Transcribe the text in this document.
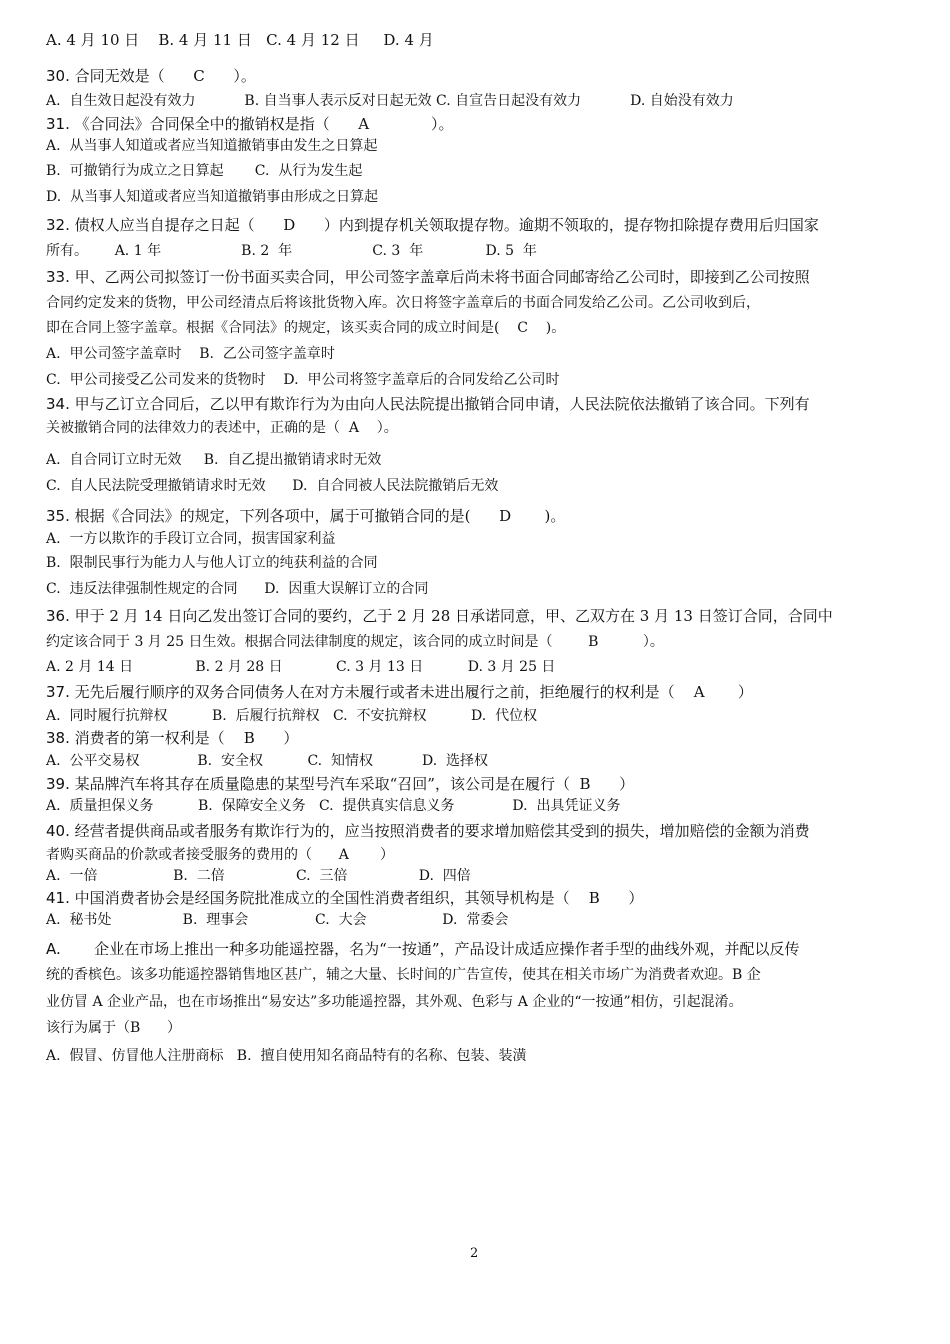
A. 4 月 10 日    B. 4 月 11 日   C. 4 月 12 日     D. 4 月
30. 合同无效是（      C      ）。
A.  自生效日起没有效力           B. 自当事人表示反对日起无效 C. 自宣告日起没有效力           D. 自始没有效力
31. 《合同法》合同保全中的撤销权是指（      A             ）。
A.  从当事人知道或者应当知道撤销事由发生之日算起
B.  可撤销行为成立之日算起       C.  从行为发生起
D.  从当事人知道或者应当知道撤销事由形成之日算起
32. 债权人应当自提存之日起（      D      ）内到提存机关领取提存物。逾期不领取的，提存物扣除提存费用后归国家
所有。      A. 1 年                  B. 2  年                  C. 3  年              D. 5  年
33. 甲、乙两公司拟签订一份书面买卖合同，甲公司签字盖章后尚未将书面合同邮寄给乙公司时，即接到乙公司按照
合同约定发来的货物，甲公司经清点后将该批货物入库。次日将签字盖章后的书面合同发给乙公司。乙公司收到后，
即在合同上签字盖章。根据《合同法》的规定，该买卖合同的成立时间是(    C    )。
A.  甲公司签字盖章时    B.  乙公司签字盖章时
C.  甲公司接受乙公司发来的货物时    D.  甲公司将签字盖章后的合同发给乙公司时
34. 甲与乙订立合同后，乙以甲有欺诈行为为由向人民法院提出撤销合同申请，人民法院依法撤销了该合同。下列有
关被撤销合同的法律效力的表述中，正确的是（  A    ）。
A.  自合同订立时无效     B.  自乙提出撤销请求时无效
C.  自人民法院受理撤销请求时无效      D.  自合同被人民法院撤销后无效
35. 根据《合同法》的规定，下列各项中，属于可撤销合同的是(      D       )。
A.  一方以欺诈的手段订立合同，损害国家利益
B.  限制民事行为能力人与他人订立的纯获利益的合同
C.  违反法律强制性规定的合同      D.  因重大误解订立的合同
36. 甲于 2 月 14 日向乙发出签订合同的要约，乙于 2 月 28 日承诺同意，甲、乙双方在 3 月 13 日签订合同，合同中
约定该合同于 3 月 25 日生效。根据合同法律制度的规定，该合同的成立时间是（        B          ）。
A. 2 月 14 日              B. 2 月 28 日            C. 3 月 13 日          D. 3 月 25 日
37. 无先后履行顺序的双务合同债务人在对方未履行或者未进出履行之前，拒绝履行的权利是（    A       ）
A.  同时履行抗辩权          B.  后履行抗辩权   C.  不安抗辩权          D.  代位权
38. 消费者的第一权利是（    B      ）
A.  公平交易权             B.  安全权          C.  知情权           D.  选择权
39. 某品牌汽车将其存在质量隐患的某型号汽车采取“召回”，该公司是在履行（  B      ）
A.  质量担保义务          B.  保障安全义务   C.  提供真实信息义务             D.  出具凭证义务
40. 经营者提供商品或者服务有欺诈行为的，应当按照消费者的要求增加赔偿其受到的损失，增加赔偿的金额为消费
者购买商品的价款或者接受服务的费用的（      A       ）
A.  一倍                 B.  二倍                C.  三倍                D.  四倍
41. 中国消费者协会是经国务院批准成立的全国性消费者组织，其领导机构是（    B      ）
A.  秘书处                B.  理事会               C.  大会                 D.  常委会
A.       企业在市场上推出一种多功能遥控器，名为“一按通”，产品设计成适应操作者手型的曲线外观，并配以反传
统的香槟色。该多功能遥控器销售地区甚广，辅之大量、长时间的广告宣传，使其在相关市场广为消费者欢迎。B 企
业仿冒 A 企业产品，也在市场推出“易安达”多功能遥控器，其外观、色彩与 A 企业的“一按通”相仿，引起混淆。
该行为属于（B      ）
A.  假冒、仿冒他人注册商标   B.  擅自使用知名商品特有的名称、包装、装潢
2
